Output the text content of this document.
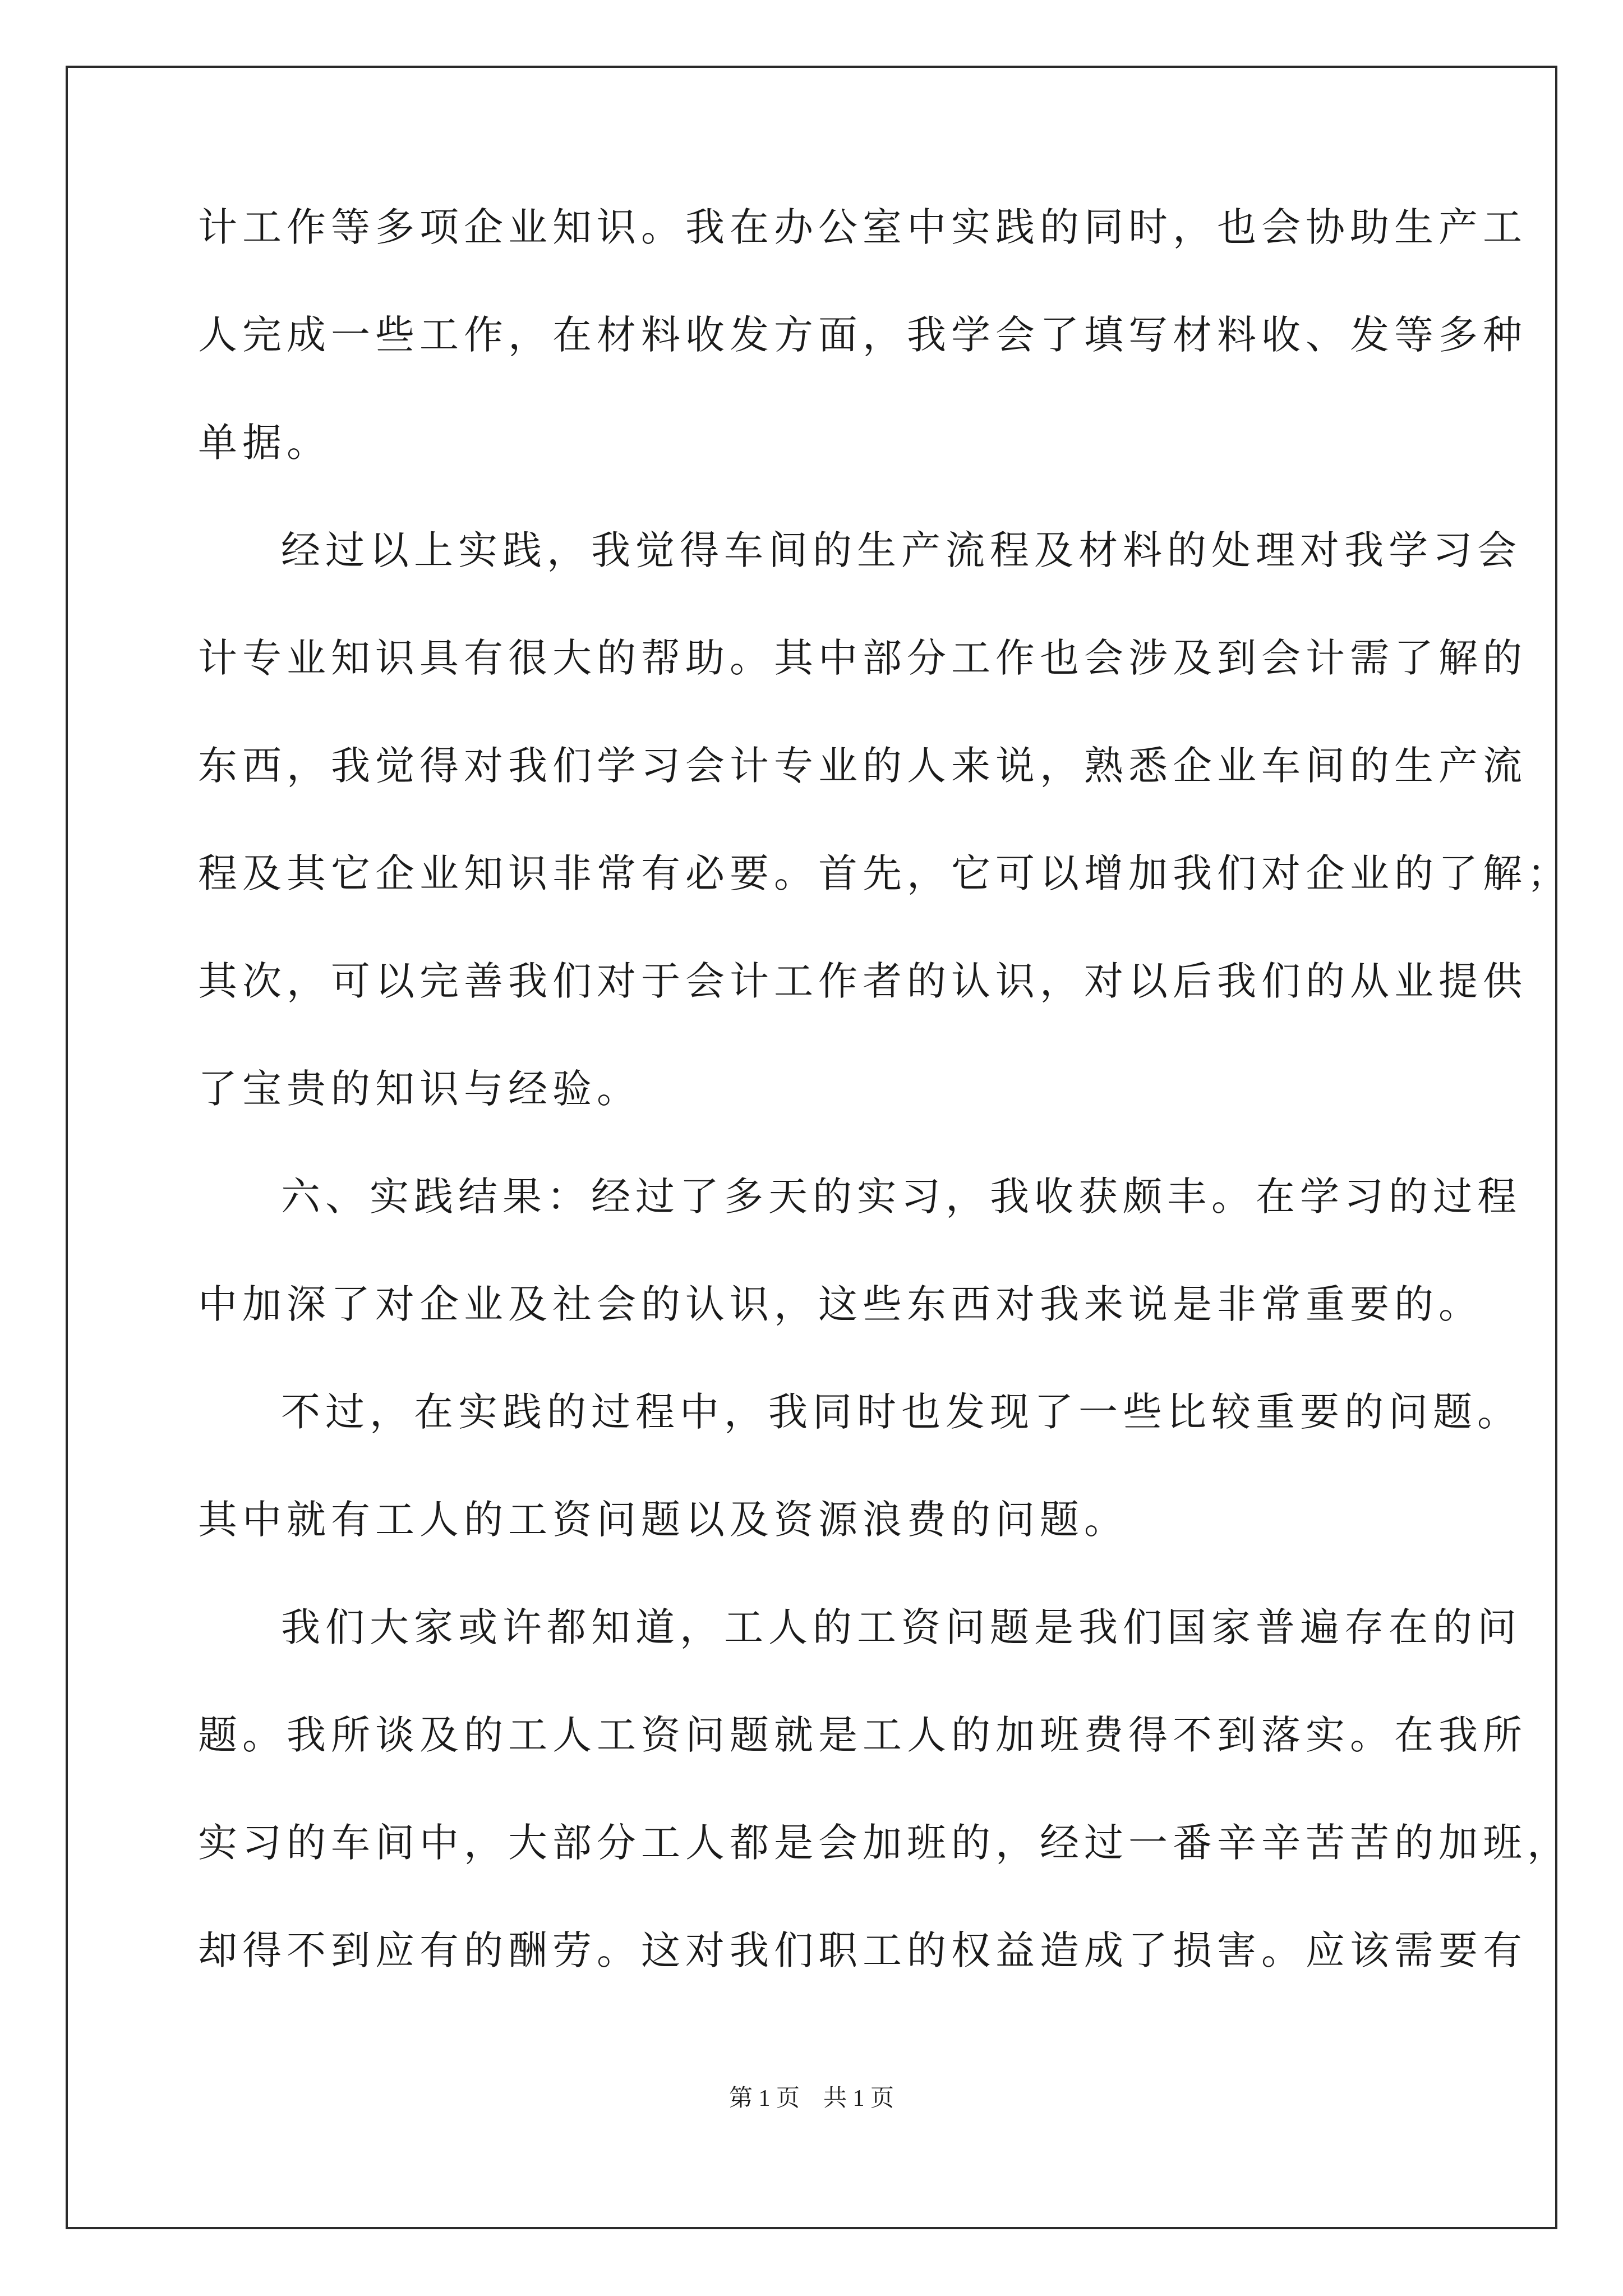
计工作等多项企业知识。我在办公室中实践的同时，也会协助生产工
人完成一些工作，在材料收发方面，我学会了填写材料收、发等多种
单据。
经过以上实践，我觉得车间的生产流程及材料的处理对我学习会
计专业知识具有很大的帮助。其中部分工作也会涉及到会计需了解的
东西，我觉得对我们学习会计专业的人来说，熟悉企业车间的生产流
程及其它企业知识非常有必要。首先，它可以增加我们对企业的了解；
其次，可以完善我们对于会计工作者的认识，对以后我们的从业提供
了宝贵的知识与经验。
六、实践结果：经过了多天的实习，我收获颇丰。在学习的过程
中加深了对企业及社会的认识，这些东西对我来说是非常重要的。
不过，在实践的过程中，我同时也发现了一些比较重要的问题。
其中就有工人的工资问题以及资源浪费的问题。
我们大家或许都知道，工人的工资问题是我们国家普遍存在的问
题。我所谈及的工人工资问题就是工人的加班费得不到落实。在我所
实习的车间中，大部分工人都是会加班的，经过一番辛辛苦苦的加班，
却得不到应有的酬劳。这对我们职工的权益造成了损害。应该需要有
第 1 页　共 1 页
